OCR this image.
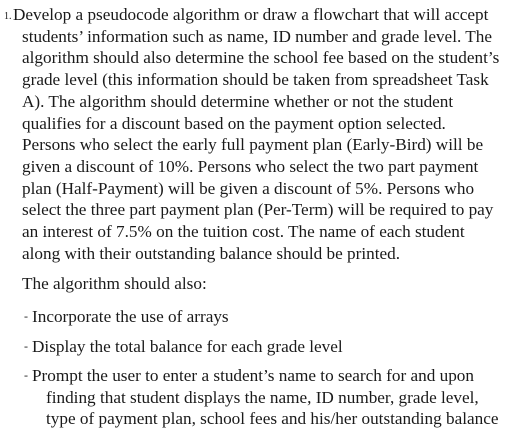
1. Develop a pseudocode algorithm or draw a flowchart that will accept
students’ information such as name, ID number and grade level. The
algorithm should also determine the school fee based on the student’s
grade level (this information should be taken from spreadsheet Task
A). The algorithm should determine whether or not the student
qualifies for a discount based on the payment option selected.
Persons who select the early full payment plan (Early-Bird) will be
given a discount of 10%. Persons who select the two part payment
plan (Half-Payment) will be given a discount of 5%. Persons who
select the three part payment plan (Per-Term) will be required to pay
an interest of 7.5% on the tuition cost. The name of each student
along with their outstanding balance should be printed.
The algorithm should also:
- Incorporate the use of arrays
- Display the total balance for each grade level
- Prompt the user to enter a student’s name to search for and upon
finding that student displays the name, ID number, grade level,
type of payment plan, school fees and his/her outstanding balance
